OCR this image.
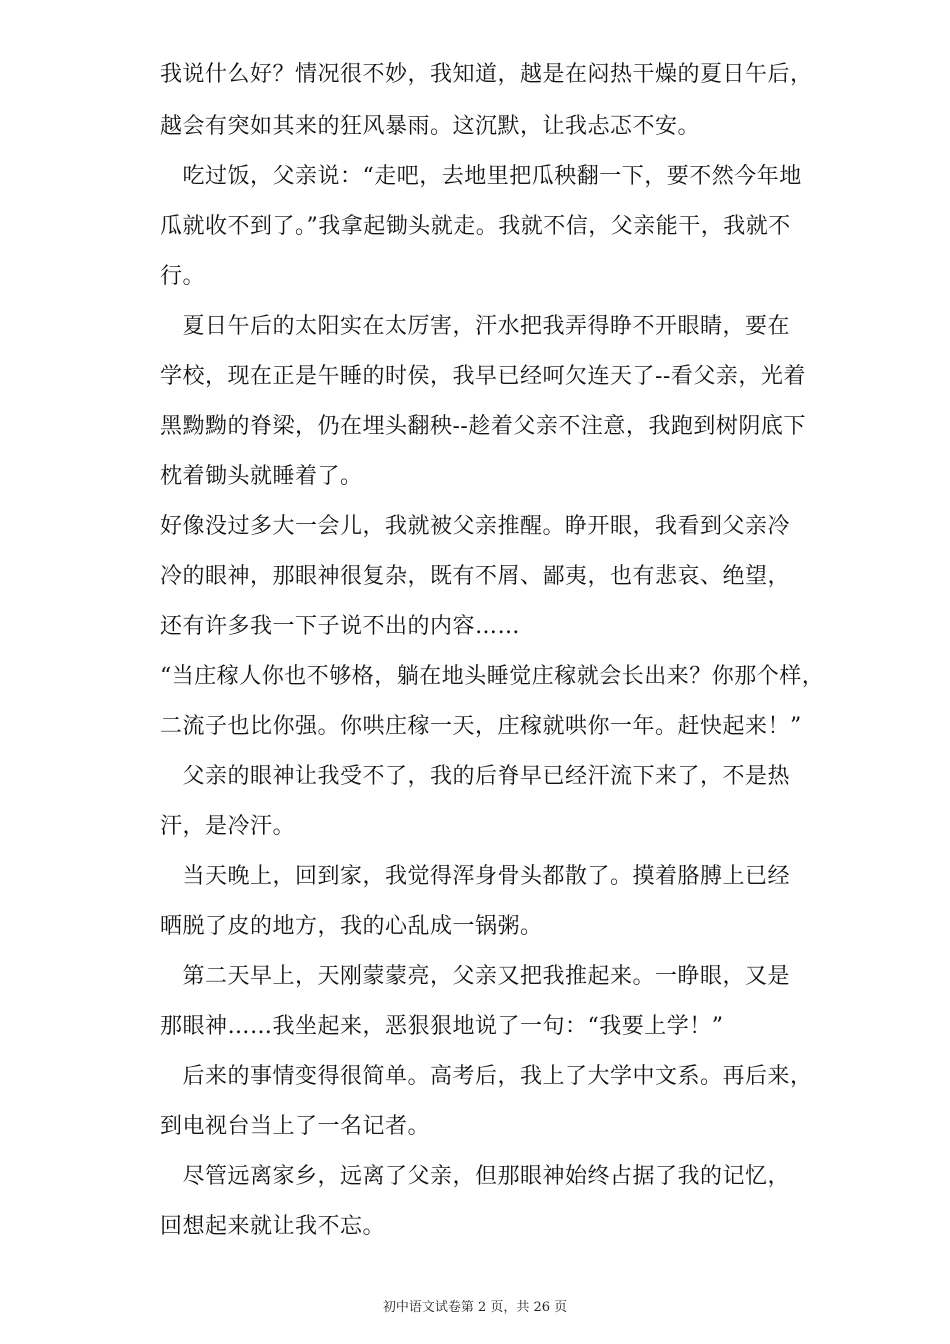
我说什么好？情况很不妙，我知道，越是在闷热干燥的夏日午后，
越会有突如其来的狂风暴雨。这沉默，让我忐忑不安。
　吃过饭，父亲说：“走吧，去地里把瓜秧翻一下，要不然今年地
瓜就收不到了。”我拿起锄头就走。我就不信，父亲能干，我就不
行。
　夏日午后的太阳实在太厉害，汗水把我弄得睁不开眼睛，要在
学校，现在正是午睡的时侯，我早已经呵欠连天了--看父亲，光着
黑黝黝的脊梁，仍在埋头翻秧--趁着父亲不注意，我跑到树阴底下
枕着锄头就睡着了。
好像没过多大一会儿，我就被父亲推醒。睁开眼，我看到父亲冷
冷的眼神，那眼神很复杂，既有不屑、鄙夷，也有悲哀、绝望，
还有许多我一下子说不出的内容……
“当庄稼人你也不够格，躺在地头睡觉庄稼就会长出来？你那个样，
二流子也比你强。你哄庄稼一天，庄稼就哄你一年。赶快起来！”
　父亲的眼神让我受不了，我的后脊早已经汗流下来了，不是热
汗，是冷汗。
　当天晚上，回到家，我觉得浑身骨头都散了。摸着胳膊上已经
晒脱了皮的地方，我的心乱成一锅粥。
　第二天早上，天刚蒙蒙亮，父亲又把我推起来。一睁眼，又是
那眼神……我坐起来，恶狠狠地说了一句：“我要上学！”
　后来的事情变得很简单。高考后，我上了大学中文系。再后来，
到电视台当上了一名记者。
　尽管远离家乡，远离了父亲，但那眼神始终占据了我的记忆，
回想起来就让我不忘。
初中语文试卷第 2 页，共 26 页
